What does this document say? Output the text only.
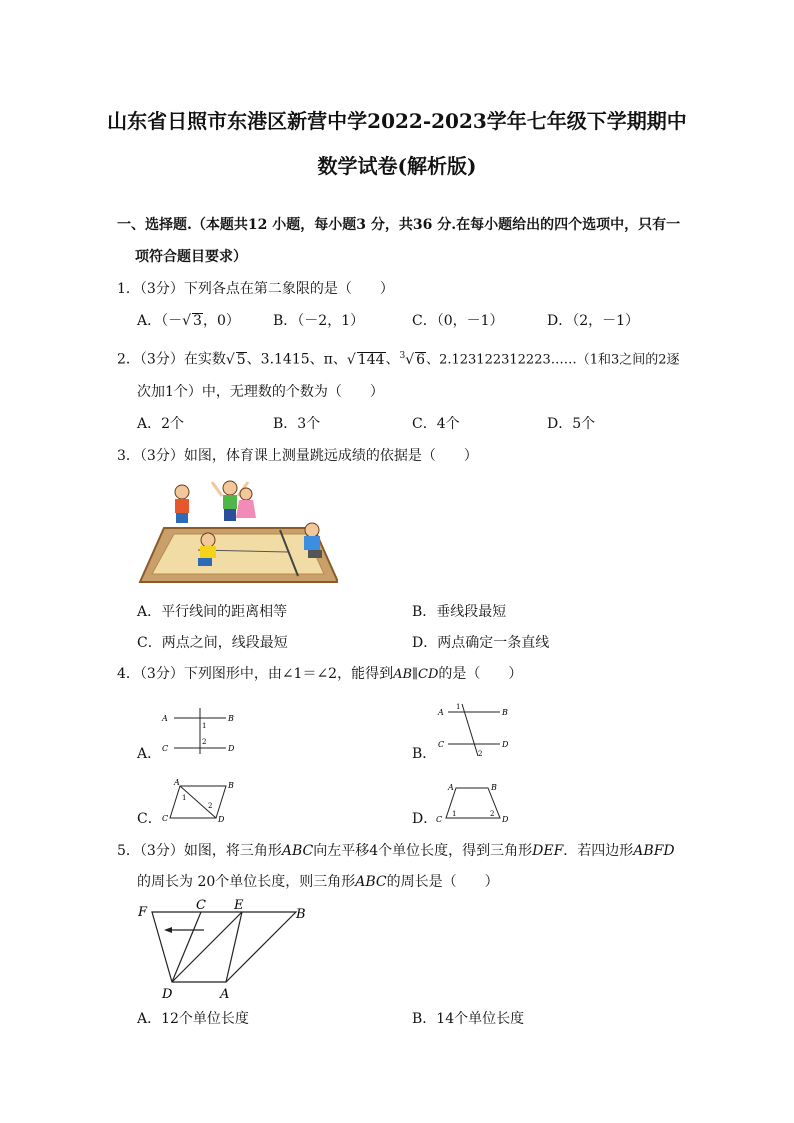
山东省日照市东港区新营中学2022-2023学年七年级下学期期中
数学试卷(解析版)
一、选择题.（本题共12 小题，每小题3 分，共36 分.在每小题给出的四个选项中，只有一
项符合题目要求）
1．（3分）下列各点在第二象限的是（　　）
A．（－√ 3，0） B．（－2，1）	C．（0，－1）	D．（2，－1）
2．（3分）在实数√ 5、3.1415、π、√ 144、$^3$√ 6、2.123122312223……（1和3之间的2逐
次加1个）中，无理数的个数为（　　）
A．2个	B．3个	C．4个	D．5个
3．（3分）如图，体育课上测量跳远成绩的依据是（　　）
A．平行线间的距离相等	B．垂线段最短
C．两点之间，线段最短	D．两点确定一条直线
4．（3分）下列图形中，由∠1＝∠2，能得到AB∥CD的是（　　）
A．
A	B
C	D
1
2
B．
A	B
C	D
1
2
C．
A	B
C	D
1
2
D．
A	B
C	D
1	2
5．（3分）如图，将三角形ABC向左平移4个单位长度，得到三角形DEF．若四边形ABFD
的周长为 20个单位长度，则三角形ABC的周长是（　　）
F	C E
B
D	A
A．12个单位长度	B．14个单位长度
